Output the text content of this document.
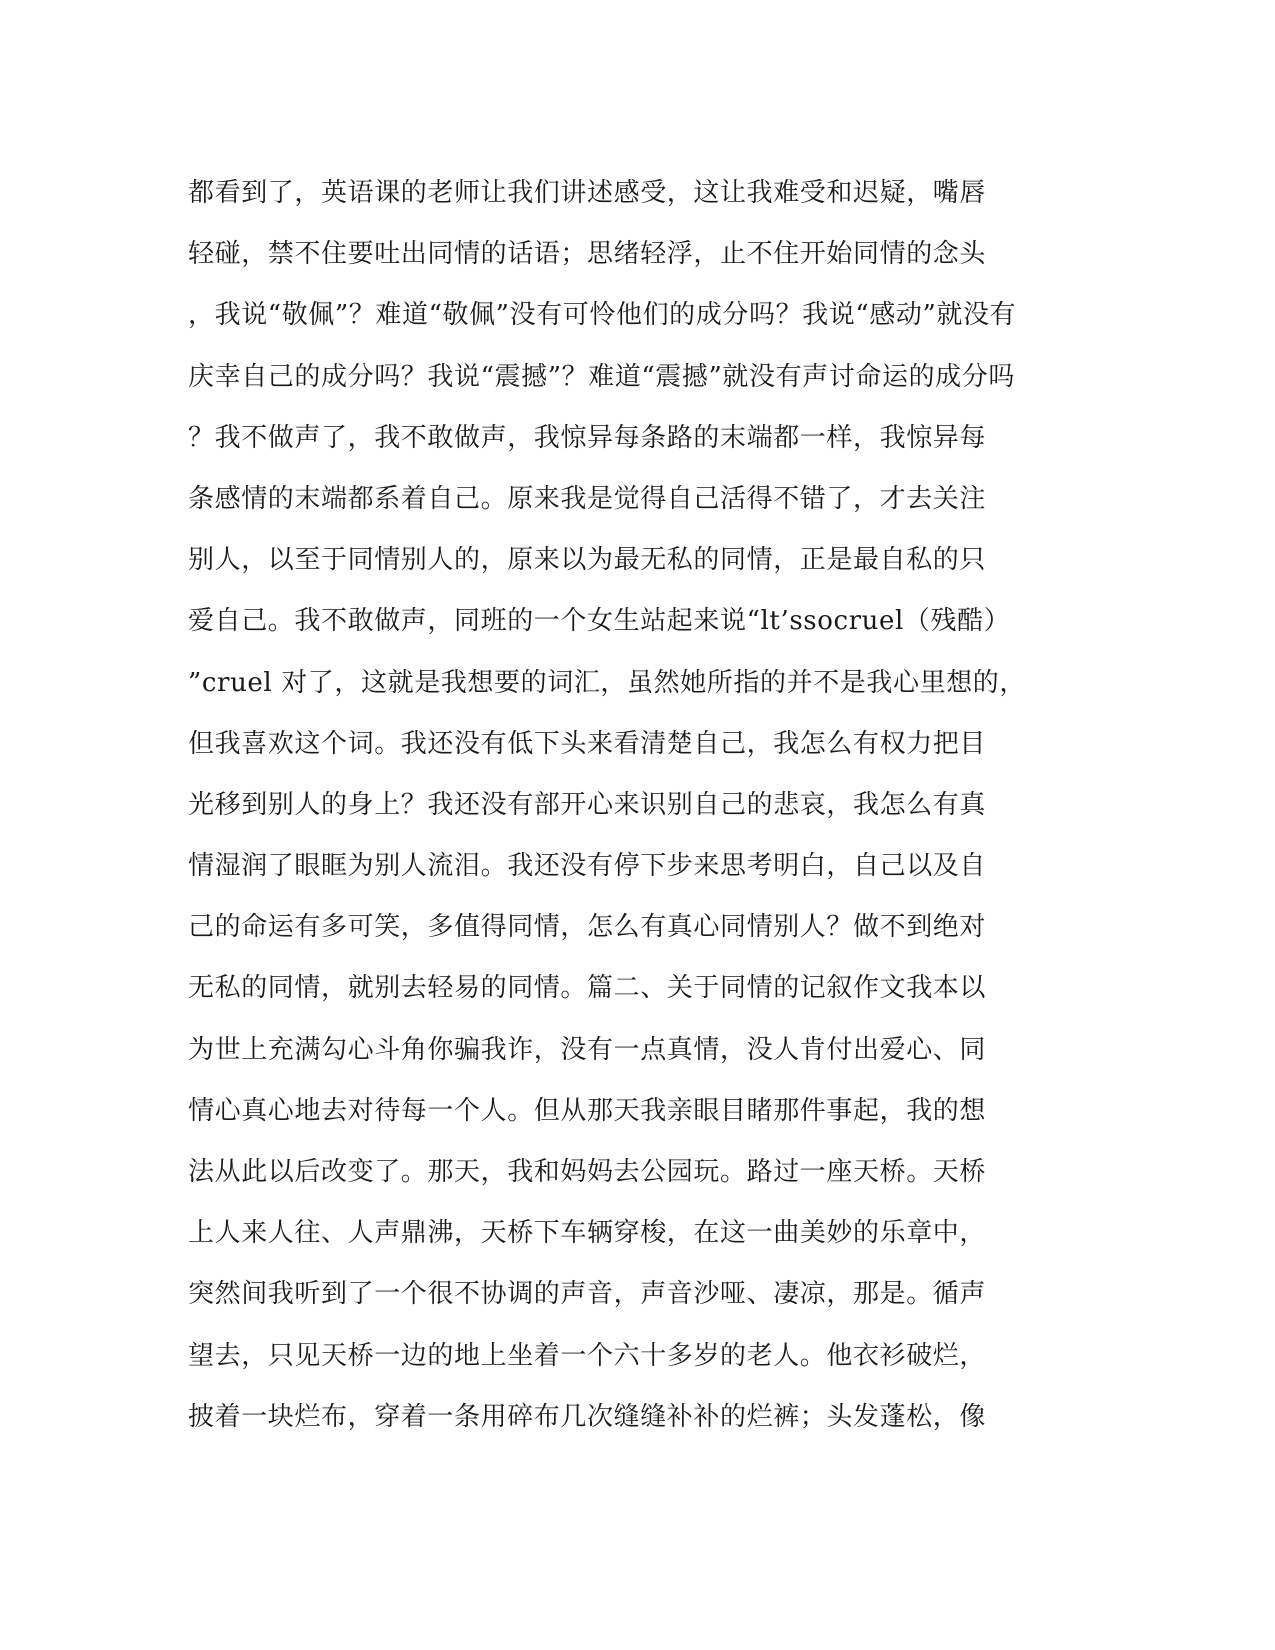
都看到了，英语课的老师让我们讲述感受，这让我难受和迟疑，嘴唇
轻碰，禁不住要吐出同情的话语；思绪轻浮，止不住开始同情的念头
，我说“敬佩”？难道“敬佩”没有可怜他们的成分吗？我说“感动”就没有
庆幸自己的成分吗？我说“震撼”？难道“震撼”就没有声讨命运的成分吗
？我不做声了，我不敢做声，我惊异每条路的末端都一样，我惊异每
条感情的末端都系着自己。原来我是觉得自己活得不错了，才去关注
别人，以至于同情别人的，原来以为最无私的同情，正是最自私的只
爱自己。我不敢做声，同班的一个女生站起来说“lt’ssocruel（残酷）
”cruel 对了，这就是我想要的词汇，虽然她所指的并不是我心里想的，
但我喜欢这个词。我还没有低下头来看清楚自己，我怎么有权力把目
光移到别人的身上？我还没有部开心来识别自己的悲哀，我怎么有真
情湿润了眼眶为别人流泪。我还没有停下步来思考明白，自己以及自
己的命运有多可笑，多值得同情，怎么有真心同情别人？做不到绝对
无私的同情，就别去轻易的同情。篇二、关于同情的记叙作文我本以
为世上充满勾心斗角你骗我诈，没有一点真情，没人肯付出爱心、同
情心真心地去对待每一个人。但从那天我亲眼目睹那件事起，我的想
法从此以后改变了。那天，我和妈妈去公园玩。路过一座天桥。天桥
上人来人往、人声鼎沸，天桥下车辆穿梭，在这一曲美妙的乐章中，
突然间我听到了一个很不协调的声音，声音沙哑、凄凉，那是。循声
望去，只见天桥一边的地上坐着一个六十多岁的老人。他衣衫破烂，
披着一块烂布，穿着一条用碎布几次缝缝补补的烂裤；头发蓬松，像
